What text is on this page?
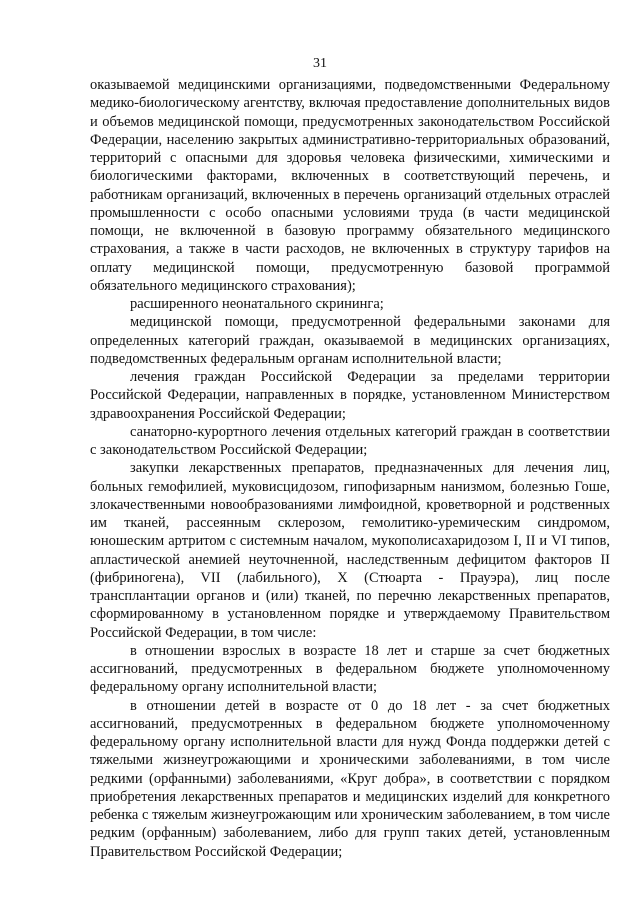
31

оказываемой медицинскими организациями, подведомственными Федеральному медико-биологическому агентству, включая предоставление дополнительных видов и объемов медицинской помощи, предусмотренных законодательством Российской Федерации, населению закрытых административно-территориальных образований, территорий с опасными для здоровья человека физическими, химическими и биологическими факторами, включенных в соответствующий перечень, и работникам организаций, включенных в перечень организаций отдельных отраслей промышленности с особо опасными условиями труда (в части медицинской помощи, не включенной в базовую программу обязательного медицинского страхования, а также в части расходов, не включенных в структуру тарифов на оплату медицинской помощи, предусмотренную базовой программой обязательного медицинского страхования);

расширенного неонатального скрининга;

медицинской помощи, предусмотренной федеральными законами для определенных категорий граждан, оказываемой в медицинских организациях, подведомственных федеральным органам исполнительной власти;

лечения граждан Российской Федерации за пределами территории Российской Федерации, направленных в порядке, установленном Министерством здравоохранения Российской Федерации;

санаторно-курортного лечения отдельных категорий граждан в соответствии с законодательством Российской Федерации;

закупки лекарственных препаратов, предназначенных для лечения лиц, больных гемофилией, муковисцидозом, гипофизарным нанизмом, болезнью Гоше, злокачественными новообразованиями лимфоидной, кроветворной и родственных им тканей, рассеянным склерозом, гемолитико-уремическим синдромом, юношеским артритом с системным началом, мукополисахаридозом I, II и VI типов, апластической анемией неуточненной, наследственным дефицитом факторов II (фибриногена), VII (лабильного), X (Стюарта - Прауэра), лиц после трансплантации органов и (или) тканей, по перечню лекарственных препаратов, сформированному в установленном порядке и утверждаемому Правительством Российской Федерации, в том числе:

в отношении взрослых в возрасте 18 лет и старше за счет бюджетных ассигнований, предусмотренных в федеральном бюджете уполномоченному федеральному органу исполнительной власти;

в отношении детей в возрасте от 0 до 18 лет - за счет бюджетных ассигнований, предусмотренных в федеральном бюджете уполномоченному федеральному органу исполнительной власти для нужд Фонда поддержки детей с тяжелыми жизнеугрожающими и хроническими заболеваниями, в том числе редкими (орфанными) заболеваниями, «Круг добра», в соответствии с порядком приобретения лекарственных препаратов и медицинских изделий для конкретного ребенка с тяжелым жизнеугрожающим или хроническим заболеванием, в том числе редким (орфанным) заболеванием, либо для групп таких детей, установленным Правительством Российской Федерации;
